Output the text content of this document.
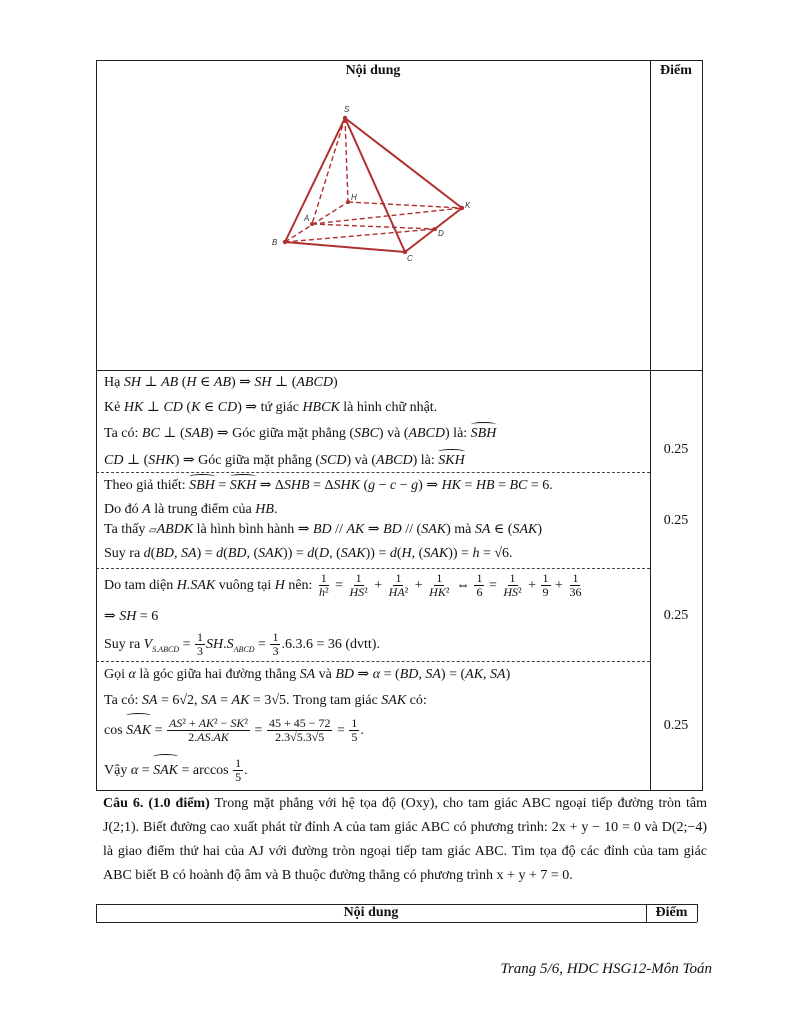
Nội dung	Điểm
S
H
K
A
B
C
D
Hạ SH ⊥ AB (H ∈ AB) ⇒ SH ⊥ (ABCD)
Kẻ HK ⊥ CD (K ∈ CD) ⇒ tứ giác HBCK là hình chữ nhật.
Ta có: BC ⊥ (SAB) ⇒ Góc giữa mặt phẳng (SBC) và (ABCD) là: SBH
CD ⊥ (SHK) ⇒ Góc giữa mặt phẳng (SCD) và (ABCD) là: SKH
0.25
Theo giả thiết: SBH = SKH ⇒ ΔSHB = ΔSHK (g − c − g) ⇒ HK = HB = BC = 6.
Do đó A là trung điểm của HB.
Ta thấy ▱ABDK là hình bình hành ⇒ BD // AK ⇒ BD // (SAK) mà SA ∈ (SAK)
Suy ra d(BD, SA) = d(BD, (SAK)) = d(D, (SAK)) = d(H, (SAK)) = h = √6.
0.25
Do tam diện H.SAK vuông tại H nên: $\frac{1}{\text{h²}} = \frac{1}{\text{HS²}} + \frac{1}{\text{HA²}} + \frac{1}{\text{HK²}}$ ⇔ $\frac{1}{6} = \frac{1}{\text{HS²}} + \frac{1}{9} + \frac{1}{36}$
⇒ SH = 6
Suy ra $V_{S.ABCD} = \frac{1}{3} SH.S_{ABCD} = \frac{1}{3} .6.3.6 = 36$ (dvtt).
0.25
Gọi α là góc giữa hai đường thẳng SA và BD ⇒ α = (BD, SA) = (AK, SA)
Ta có: SA = 6√2, SA = AK = 3√5. Trong tam giác SAK có:
cos SAK = $\frac{\text{AS² + AK² − SK²}}{2.AS.AK} = \frac{45 + 45 - 72}{2.3√5.3√5} = \frac{1}{5}$ .
Vậy α = SAK = $\arccos \frac{1}{5}$ .
0.25
Câu 6. (1.0 điểm) Trong mặt phẳng với hệ tọa độ (Oxy), cho tam giác ABC ngoại tiếp đường tròn tâm J(2;1). Biết đường cao xuất phát từ đỉnh A của tam giác ABC có phương trình: 2x + y − 10 = 0 và D(2;−4) là giao điểm thứ hai của AJ với đường tròn ngoại tiếp tam giác ABC. Tìm tọa độ các đỉnh của tam giác ABC biết B có hoành độ âm và B thuộc đường thẳng có phương trình x + y + 7 = 0.
Nội dung	Điểm
Trang 5/6, HDC HSG12-Môn Toán
